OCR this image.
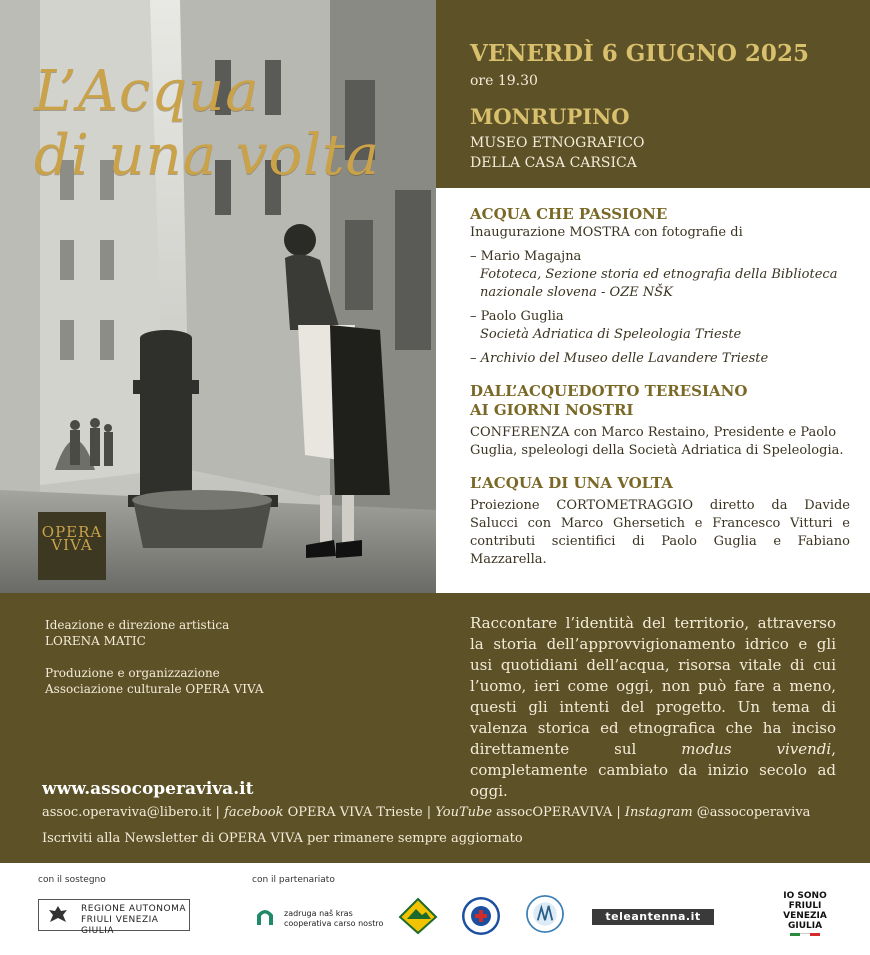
L’Acqua
di una volta
OPERA
VIVA
VENERDÌ 6 GIUGNO 2025
ore 19.30
MONRUPINO
MUSEO ETNOGRAFICO
DELLA CASA CARSICA
ACQUA CHE PASSIONE
Inaugurazione MOSTRA con fotografie di
– Mario Magajna
Fototeca, Sezione storia ed etnografia della Biblioteca nazionale slovena - OZE NŠK
– Paolo Guglia
Società Adriatica di Speleologia Trieste
– Archivio del Museo delle Lavandere Trieste
DALL’ACQUEDOTTO TERESIANO
AI GIORNI NOSTRI
CONFERENZA con Marco Restaino, Presidente e Paolo Guglia, speleologi della Società Adriatica di Speleologia.
L’ACQUA DI UNA VOLTA
Proiezione CORTOMETRAGGIO diretto da Davide Salucci con Marco Ghersetich e Francesco Vitturi e contributi scientifici di Paolo Guglia e Fabiano Mazzarella.
Ideazione e direzione artistica
LORENA MATIC
Produzione e organizzazione
Associazione culturale OPERA VIVA
Raccontare l’identità del territorio, attraverso la storia dell’approvvigionamento idrico e gli usi quotidiani dell’acqua, risorsa vitale di cui l’uomo, ieri come oggi, non può fare a meno, questi gli intenti del progetto. Un tema di valenza storica ed etnografica che ha inciso direttamente sul modus vivendi, completamente cambiato da inizio secolo ad oggi.
www.assocoperaviva.it
assoc.operaviva@libero.it | facebook OPERA VIVA Trieste | YouTube assocOPERAVIVA | Instagram @assocoperaviva
Iscriviti alla Newsletter di OPERA VIVA per rimanere sempre aggiornato
con il sostegno
REGIONE AUTONOMA
FRIULI VENEZIA GIULIA
con il partenariato
zadruga naš kras
cooperativa carso nostro
teleantenna.it
IO SONO
FRIULI
VENEZIA
GIULIA
